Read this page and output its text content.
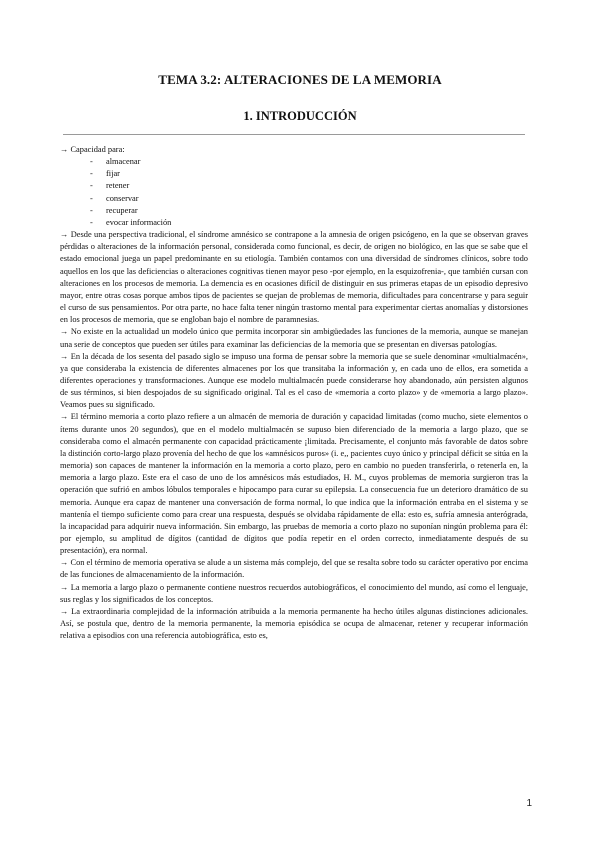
TEMA 3.2: ALTERACIONES DE LA MEMORIA
1. INTRODUCCIÓN

→ Capacidad para:

- almacenar
- fijar
- retener
- conservar
- recuperar
- evocar información

→ Desde una perspectiva tradicional, el síndrome amnésico se contrapone a la amnesia de origen psicógeno, en la que se observan graves pérdidas o alteraciones de la información personal, considerada como funcional, es decir, de origen no biológico, en las que se sabe que el estado emocional juega un papel predominante en su etiología. También contamos con una diversidad de síndromes clínicos, sobre todo aquellos en los que las deficiencias o alteraciones cognitivas tienen mayor peso -por ejemplo, en la esquizofrenia-, que también cursan con alteraciones en los procesos de memoria. La demencia es en ocasiones difícil de distinguir en sus primeras etapas de un episodio depresivo mayor, entre otras cosas porque ambos tipos de pacientes se quejan de problemas de memoria, dificultades para concentrarse y para seguir el curso de sus pensamientos. Por otra parte, no hace falta tener ningún trastorno mental para experimentar ciertas anomalías y distorsiones en los procesos de memoria, que se engloban bajo el nombre de paramnesias.

→ No existe en la actualidad un modelo único que permita incorporar sin ambigüedades las funciones de la memoria, aunque se manejan una serie de conceptos que pueden ser útiles para examinar las deficiencias de la memoria que se presentan en diversas patologías.

→ En la década de los sesenta del pasado siglo se impuso una forma de pensar sobre la memoria que se suele denominar «multialmacén», ya que consideraba la existencia de diferentes almacenes por los que transitaba la información y, en cada uno de ellos, era sometida a diferentes operaciones y transformaciones. Aunque ese modelo multialmacén puede considerarse hoy abandonado, aún persisten algunos de sus términos, si bien despojados de su significado original. Tal es el caso de «memoria a corto plazo» y de «memoria a largo plazo». Veamos pues su significado.

→ El término memoria a corto plazo refiere a un almacén de memoria de duración y capacidad limitadas (como mucho, siete elementos o ítems durante unos 20 segundos), que en el modelo multialmacén se supuso bien diferenciado de la memoria a largo plazo, que se consideraba como el almacén permanente con capacidad prácticamente ¡limitada. Precisamente, el conjunto más favorable de datos sobre la distinción corto-largo plazo provenía del hecho de que los «amnésicos puros» (i. e,, pacientes cuyo único y principal déficit se sitúa en la memoria) son capaces de mantener la información en la memoria a corto plazo, pero en cambio no pueden transferirla, o retenerla en, la memoria a largo plazo. Este era el caso de uno de los amnésicos más estudiados, H. M., cuyos problemas de memoria surgieron tras la operación que sufrió en ambos lóbulos temporales e hipocampo para curar su epilepsia. La consecuencia fue un deterioro dramático de su memoria. Aunque era capaz de mantener una conversación de forma normal, lo que indica que la información entraba en el sistema y se mantenía el tiempo suficiente como para crear una respuesta, después se olvidaba rápidamente de ella: esto es, sufría amnesia anterógrada, la incapacidad para adquirir nueva información. Sin embargo, las pruebas de memoria a corto plazo no suponían ningún problema para él: por ejemplo, su amplitud de dígitos (cantidad de dígitos que podía repetir en el orden correcto, inmediatamente después de su presentación), era normal.

→ Con el término de memoria operativa se alude a un sistema más complejo, del que se resalta sobre todo su carácter operativo por encima de las funciones de almacenamiento de la información.

→ La memoria a largo plazo o permanente contiene nuestros recuerdos autobiográficos, el conocimiento del mundo, así como el lenguaje, sus reglas y los significados de los conceptos.

→ La extraordinaria complejidad de la información atribuida a la memoria permanente ha hecho útiles algunas distinciones adicionales. Así, se postula que, dentro de la memoria permanente, la memoria episódica se ocupa de almacenar, retener y recuperar información relativa a episodios con una referencia autobiográfica, esto es,

1
